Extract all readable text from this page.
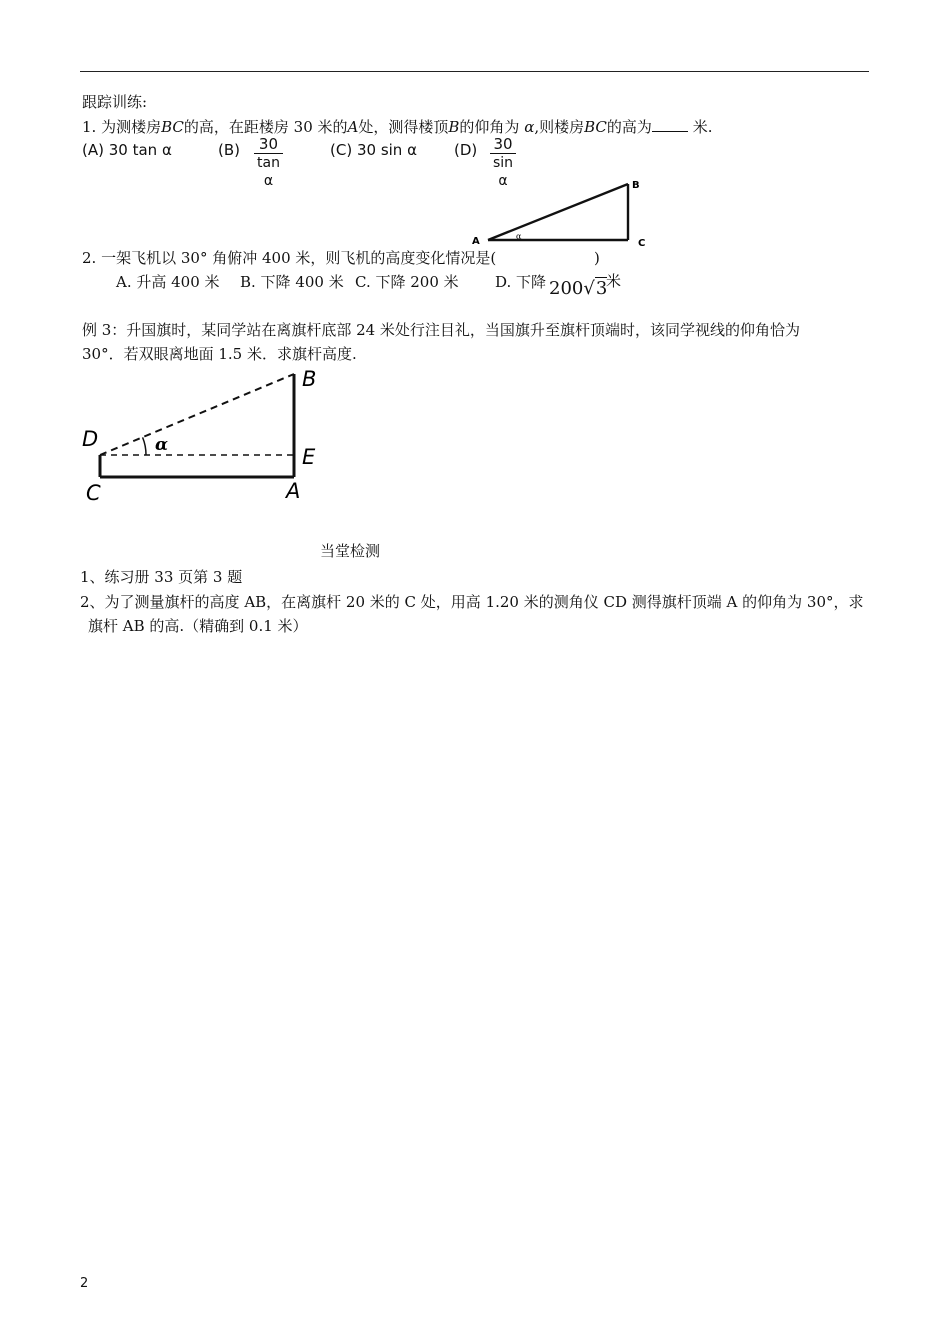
跟踪训练:
1. 为测楼房BC的高，在距楼房 30 米的A处，测得楼顶B的仰角为 α,则楼房BC的高为	米.
(A) 30 tan α	$(B) \frac{30}{\text{tan α}}$	(C) 30 sin α $(D) \frac{30}{\text{sin α}}$
A
B
C
α
2. 一架飞机以 30° 角俯冲 400 米，则飞机的高度变化情况是(	)
A. 升高 400 米 B. 下降 400 米 C. 下降 200 米 D. 下降 200√3
米
例 3：升国旗时，某同学站在离旗杆底部 24 米处行注目礼，当国旗升至旗杆顶端时，该同学视线的仰角恰为
30°．若双眼离地面 1.5 米．求旗杆高度.
B
D	α	E
C	A
当堂检测
1、练习册 33 页第 3 题
2、为了测量旗杆的高度 AB，在离旗杆 20 米的 C 处，用高 1.20 米的测角仪 CD 测得旗杆顶端 A 的仰角为 30°，求
旗杆 AB 的高.（精确到 0.1 米）
2
